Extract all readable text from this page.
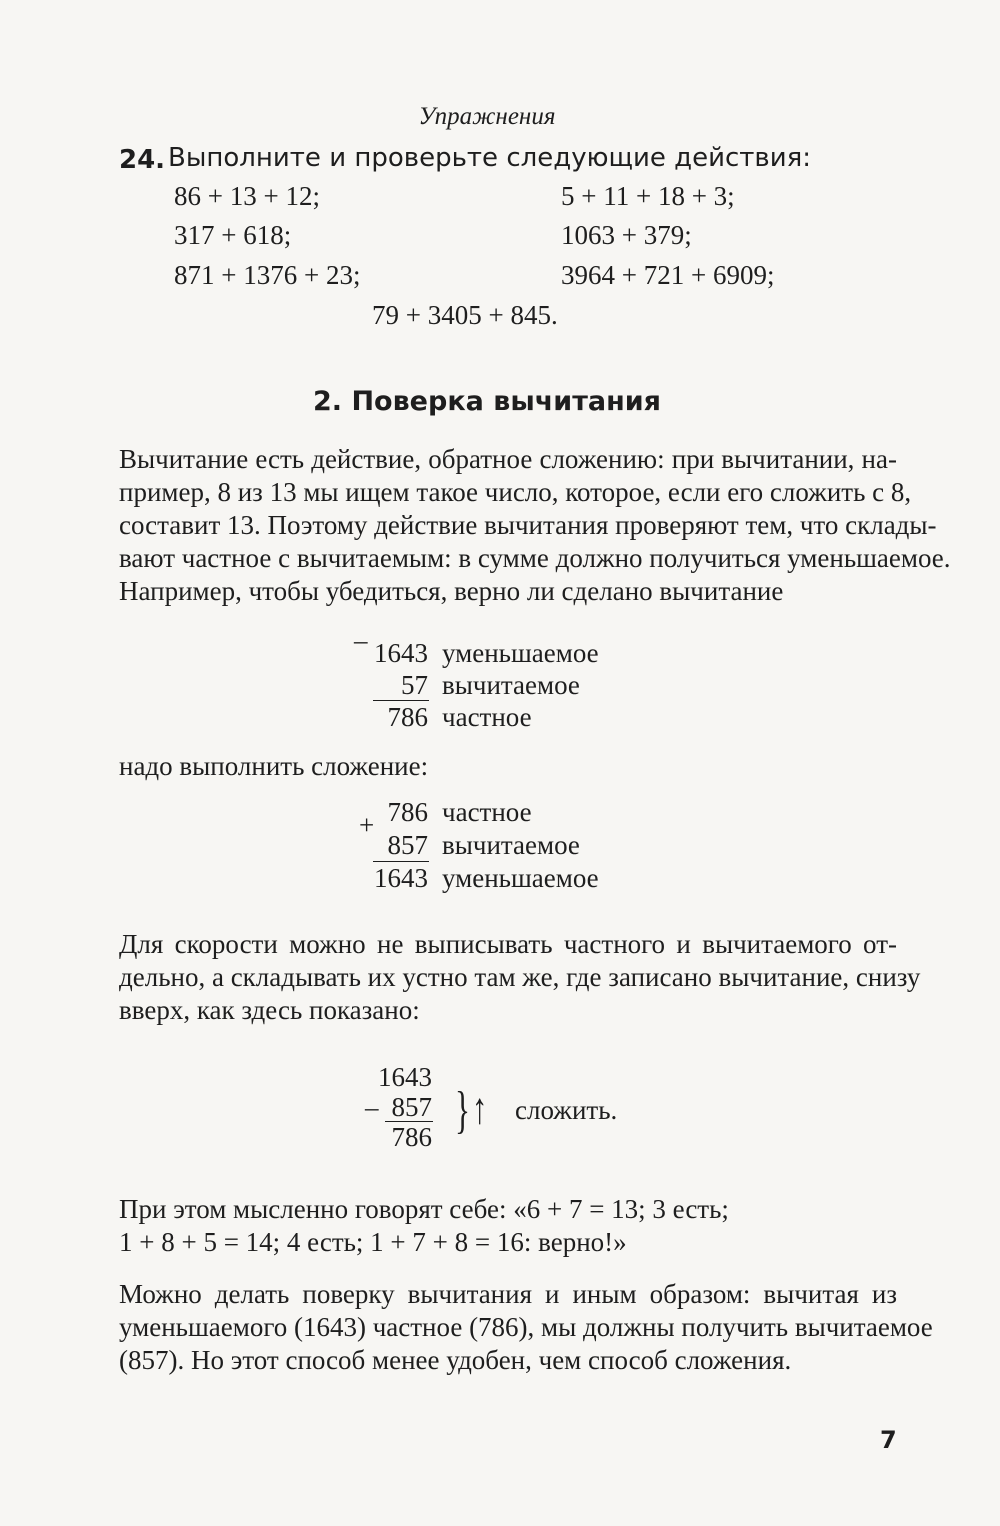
Упражнения
24. Выполните и проверьте следующие действия:
86 + 13 + 12;	5 + 11 + 18 + 3;
317 + 618;	1063 + 379;
871 + 1376 + 23;	3964 + 721 + 6909;
79 + 3405 + 845.
2. Поверка вычитания
Вычитание есть действие, обратное сложению: при вычитании, на-
пример, 8 из 13 мы ищем такое число, которое, если его сложить с 8,
составит 13. Поэтому действие вычитания проверяют тем, что склады-
вают частное с вычитаемым: в сумме должно получиться уменьшаемое.
Например, чтобы убедиться, верно ли сделано вычитание
– 1643 уменьшаемое
57 вычитаемое
786 частное
надо выполнить сложение:
+ 786 частное
857 вычитаемое
1643 уменьшаемое
Для скорости можно не выписывать частного и вычитаемого от-
дельно, а складывать их устно там же, где записано вычитание, снизу
вверх, как здесь показано:
1643
– 857
786 } ↑ сложить.
При этом мысленно говорят себе: «6 + 7 = 13; 3 есть;
1 + 8 + 5 = 14; 4 есть; 1 + 7 + 8 = 16: верно!»
Можно делать поверку вычитания и иным образом: вычитая из
уменьшаемого (1643) частное (786), мы должны получить вычитаемое
(857). Но этот способ менее удобен, чем способ сложения.
7
